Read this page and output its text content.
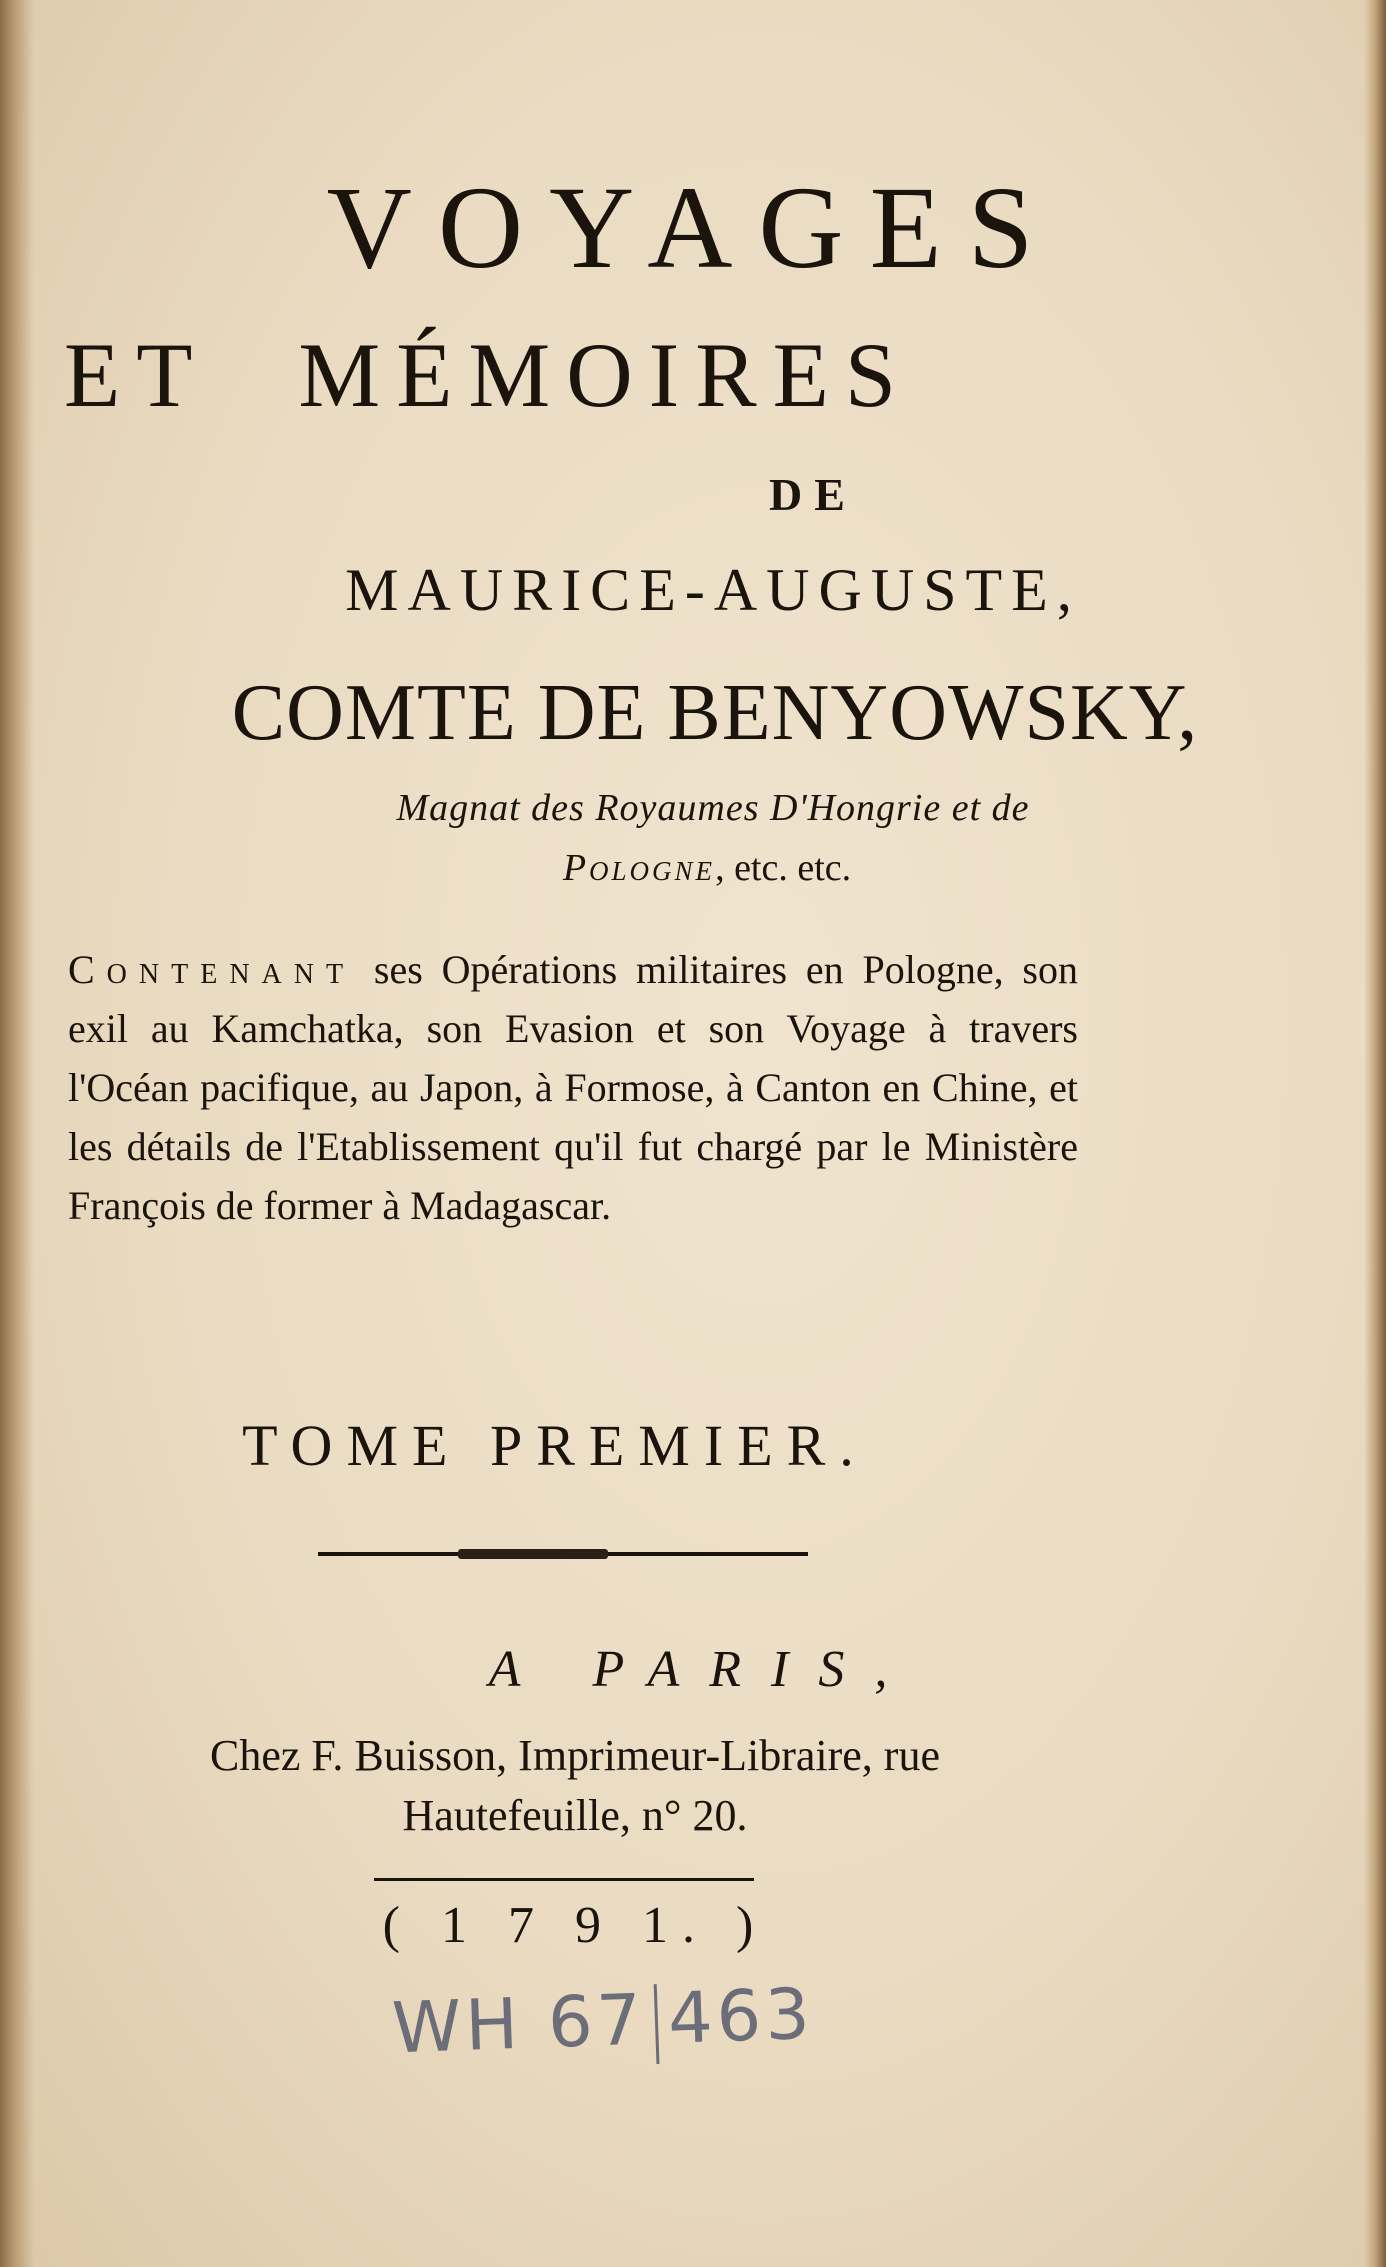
VOYAGES
ET MÉMOIRES
DE
MAURICE-AUGUSTE,
COMTE DE BENYOWSKY,
Magnat des Royaumes D'Hongrie et de
Pologne, etc. etc.

Contenant ses Opérations militaires en Pologne, son exil au Kamchatka, son Evasion et son Voyage à travers l'Océan pacifique, au Japon, à Formose, à Canton en Chine, et les détails de l'Etablissement qu'il fut chargé par le Ministère François de former à Madagascar.

TOME PREMIER.
A PARIS,
Chez F. Buisson, Imprimeur-Libraire, rue
Hautefeuille, n° 20.
( 1 7 9 1. )
WH 67 463
